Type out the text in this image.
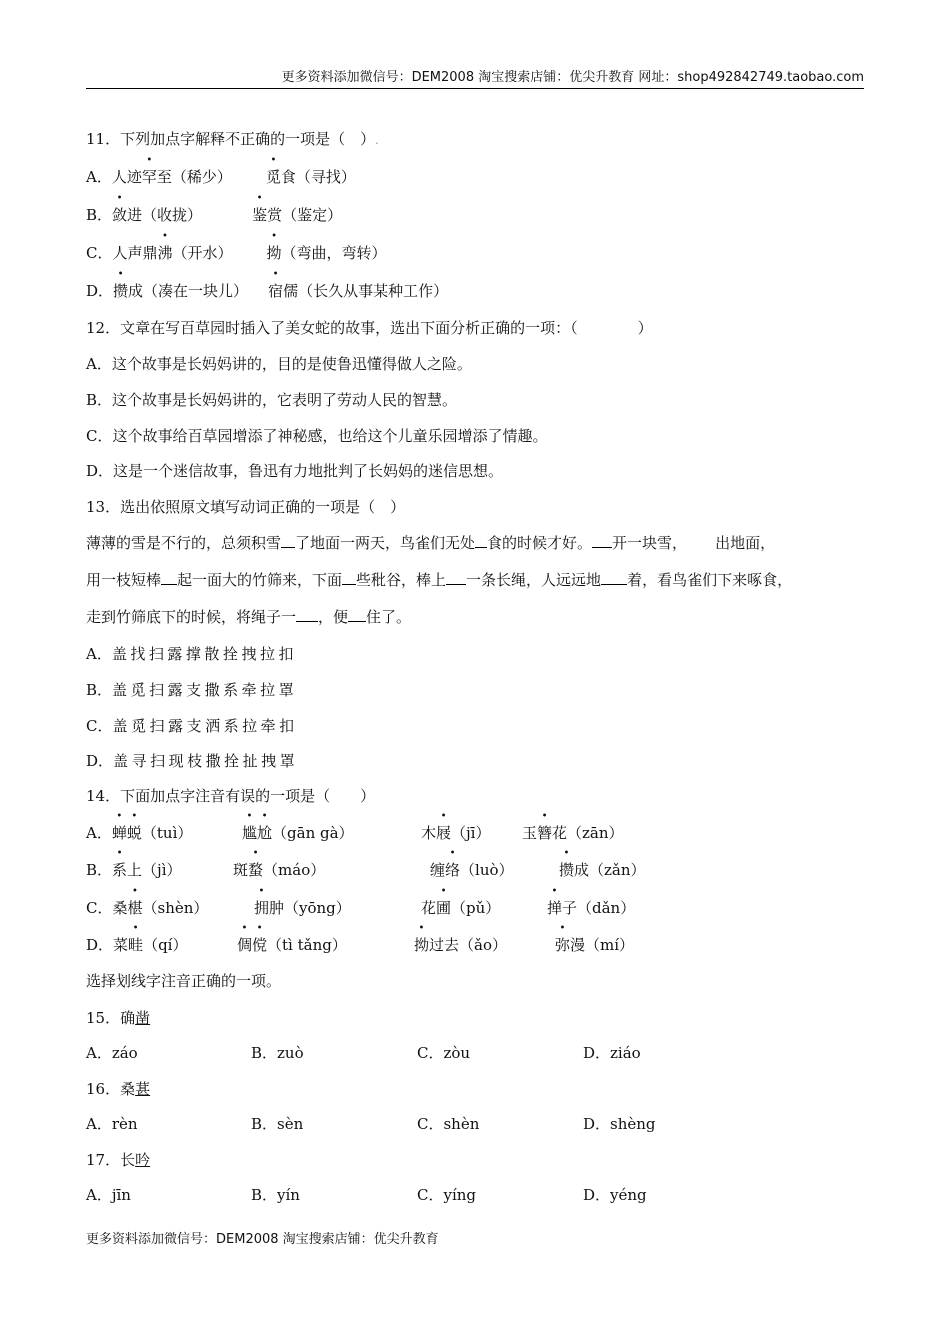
更多资料添加微信号：DEM2008 淘宝搜索店铺：优尖升教育 网址：shop492842749.taobao.com
11．下列加点字解释不正确的一项是（　）.
A．人迹罕至（稀少） 觅食（寻找）
B．敛进（收拢）	鉴赏（鉴定）
C．人声鼎沸（开水） 拗（弯曲，弯转）
D．攒成（凑在一块儿） 宿儒（长久从事某种工作）
12．文章在写百草园时插入了美女蛇的故事，选出下面分析正确的一项：（　　　　）
A．这个故事是长妈妈讲的，目的是使鲁迅懂得做人之险。
B．这个故事是长妈妈讲的，它表明了劳动人民的智慧。
C．这个故事给百草园增添了神秘感，也给这个儿童乐园增添了情趣。
D．这是一个迷信故事，鲁迅有力地批判了长妈妈的迷信思想。
13．选出依照原文填写动词正确的一项是（　）
薄薄的雪是不行的，总须积雪 了地面一两天，鸟雀们无处 食的时候才好。 开一块雪， 出地面，
用一枝短棒 起一面大的竹筛来，下面 些秕谷，棒上 一条长绳，人远远地 着，看鸟雀们下来啄食，
走到竹筛底下的时候，将绳子一 ，便 住了。
A．盖 找 扫 露 撑 散 拴 拽 拉 扣
B．盖 觅 扫 露 支 撒 系 牵 拉 罩
C．盖 觅 扫 露 支 洒 系 拉 牵 扣
D．盖 寻 扫 现 枝 撒 拴 扯 拽 罩
14．下面加点字注音有误的一项是（　　）
A．蝉蜕（tuì）	尴尬（gān gà）	木屐（jī） 玉簪花（zān）
B．系上（jì）	斑蝥（máo）	缠络（luò）	攒成（zǎn）
C．桑椹（shèn）	拥肿（yōng）	花圃（pǔ）	掸子（dǎn）
D．菜畦（qí）	倜傥（tì tǎng）	拗过去（ǎo）	弥漫（mí）
选择划线字注音正确的一项。
15．确凿
A．záo	B．zuò	C．zòu	D．ziáo
16．桑葚
A．rèn	B．sèn	C．shèn	D．shèng
17．长吟
A．jīn	B．yín	C．yíng	D．yéng
更多资料添加微信号：DEM2008 淘宝搜索店铺：优尖升教育
